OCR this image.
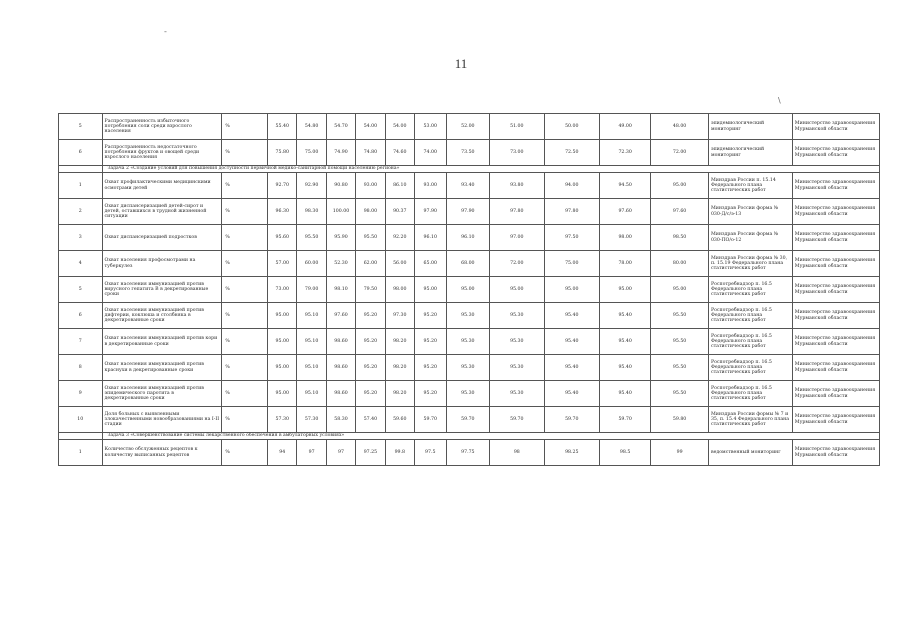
11
-
\
5	Распространенность избыточного потребления соли среди взрослого населения	%	55.40	54.80	54.70	54.00	54.00	53.00	52.00	51.00	50.00	49.00	48.00	эпидемиологический мониторинг	Министерство здравоохранения Мурманской области
6	Распространенность недостаточного потребления фруктов и овощей среди взрослого населения	%	75.80	75.00	74.90	74.80	74.60	74.00	73.50	73.00	72.50	72.30	72.00	эпидемиологический мониторинг	Министерство здравоохранения Мурманской области
	Задача 2 «Создание условий для повышения доступности первичной медико-санитарной помощи населению региона»														
1	Охват профилактическими медицинскими осмотрами детей	%	92.70	92.90	90.80	93.00	86.10	93.00	93.40	93.80	94.00	94.50	95.00	Минздрав России п. 15.14 Федерального плана статистических работ	Министерство здравоохранения Мурманской области
2	Охват диспансеризацией детей-сирот и детей, оставшихся в трудной жизненной ситуации	%	96.30	98.30	100.00	98.00	90.37	97.90	97.90	97.80	97.80	97.60	97.60	Минздрав России форма № 030-Д/с/э-13	Министерство здравоохранения Мурманской области
3	Охват диспансеризацией подростков	%	95.60	95.50	95.90	95.50	92.20	96.10	96.10	97.00	97.50	98.00	98.50	Минздрав России форма № 030-ПО/о-12	Министерство здравоохранения Мурманской области
4	Охват населения профосмотрами на туберкулез	%	57.00	60.00	52.30	62.00	56.00	65.00	68.00	72.00	75.00	78.00	80.00	Минздрав России форма № 30, п. 15.19 Федерального плана статистических работ	Министерство здравоохранения Мурманской области
5	Охват населения иммунизацией против вирусного гепатита В в декретированные сроки	%	73.00	79.00	98.10	79.50	98.00	95.00	95.00	95.00	95.00	95.00	95.00	Роспотребнадзор п. 16.5 Федерального плана статистических работ	Министерство здравоохранения Мурманской области
6	Охват населения иммунизацией против дифтерии, коклюша и столбняка в декретированные сроки	%	95.00	95.10	97.60	95.20	97.30	95.20	95.30	95.30	95.40	95.40	95.50	Роспотребнадзор п. 16.5 Федерального плана статистических работ	Министерство здравоохранения Мурманской области
7	Охват населения иммунизацией против кори в декретированные сроки	%	95.00	95.10	98.60	95.20	98.20	95.20	95.30	95.30	95.40	95.40	95.50	Роспотребнадзор п. 16.5 Федерального плана статистических работ	Министерство здравоохранения Мурманской области
8	Охват населения иммунизацией против краснухи в декретированные сроки	%	95.00	95.10	98.60	95.20	98.20	95.20	95.30	95.30	95.40	95.40	95.50	Роспотребнадзор п. 16.5 Федерального плана статистических работ	Министерство здравоохранения Мурманской области
9	Охват населения иммунизацией против эпидемического паротита в декретированные сроки	%	95.00	95.10	98.60	95.20	98.20	95.20	95.30	95.30	95.40	95.40	95.50	Роспотребнадзор п. 16.5 Федерального плана статистических работ	Министерство здравоохранения Мурманской области
10	Доля больных с выявленными злокачественными новообразованиями на I-II стадии	%	57.30	57.30	58.30	57.40	59.60	59.70	59.70	59.70	59.70	59.70	59.80	Минздрав России формы № 7 и 35, п. 15.4 Федерального плана статистических работ	Министерство здравоохранения Мурманской области
	Задача 3 «Совершенствование системы лекарственного обеспечения в амбулаторных условиях»														
1	Количество обслуженных рецептов к количеству выписанных рецептов	%	94	97	97	97.25	99.8	97.5	97.75	98	98.25	98.5	99	ведомственный мониторинг	Министерство здравоохранения Мурманской области
